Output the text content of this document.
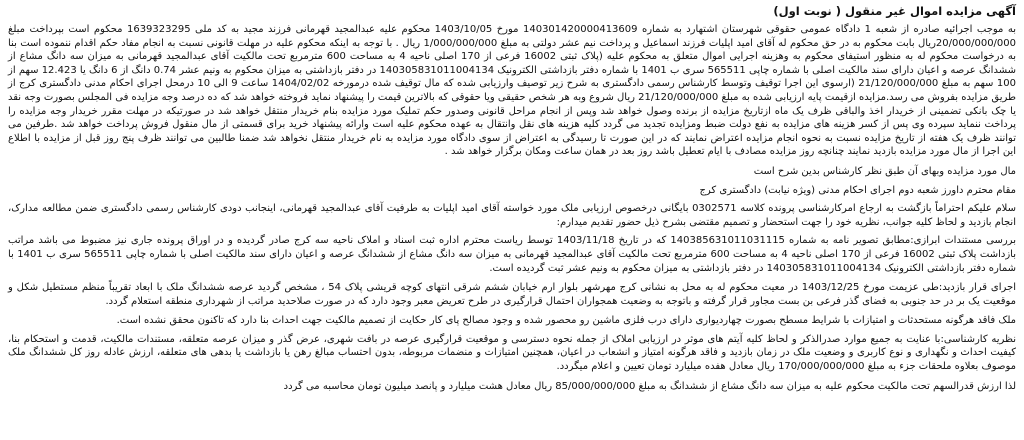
آگهی مزایده اموال غیر منقول ( نوبت اول)

به موجب اجرائیه صادره از شعبه 1 دادگاه عمومی حقوقی شهرستان اشتهارد به شماره 140301420000413609 مورخ 1403/10/05 محکوم علیه عبدالمجید قهرمانی فرزند مجید به کد ملی 1639323295 محکوم است بپرداخت مبلغ 20/000/000/000ریال بابت محکوم به در حق محکوم له آقای امید اپلیات فرزند اسماعیل و پرداخت نیم عشر دولتی به مبلغ 1/000/000/000 ریال . با توجه به اینکه محکوم علیه در مهلت قانونی نسبت به انجام مفاد حکم اقدام ننموده است بنا به درخواست محکوم له به منظور استیفای محکوم به وهزینه اجرایی اموال متعلق به محکوم علیه (پلاک ثبتی 16002 فرعی از 170 اصلی ناحیه 4 به مساحت 600 مترمربع تحت مالکیت آقای عبدالمجید قهرمانی به میزان سه دانگ مشاع از ششدانگ عرصه و اعیان دارای سند مالکیت اصلی با شماره چاپی 565511 سری ب 1401 با شماره دفتر بازداشتی الکترونیک 140305831011004134 در دفتر بازداشتی به میزان محکوم به ونیم عشر 0.74 دانگ از 6 دانگ یا 12.423 سهم از 100 سهم به مبلغ 21/120/000/000 (ارسوی این اجرا توقیف وتوسط کارشناس رسمی دادگستری به شرح زیر توصیف وارزیابی شده که مال توقیف شده درمورخه 1404/02/02 ساعت 9 الی 10 درمحل اجرای احکام مدنی دادگستری کرج از طریق مزایده بفروش می رسد.مزایده ازقیمت پایه ارزیابی شده به مبلغ 21/120/000/000 ریال شروع وبه هر شخص حقیقی ویا حقوقی که بالاترین قیمت را پیشنهاد نماید فروخته خواهد شد که ده درصد وجه مزایده فی المجلس بصورت وجه نقد یا چک بانکی تضمینی از خریدار اخذ والباقی ظرف یک ماه ازتاریخ مزایده از برنده وصول خواهد شد وپس از انجام مراحل قانونی وصدور حکم تملیک مورد مزایده بنام خریدار منتقل خواهد شد در صورتیکه در مهلت مقرر خریدار وجه مزایده را پرداخت ننماید سپرده وی پس از کسر هزینه های مزایده به نفع دولت ضبط ومزایده تجدید می گردد کلیه هزینه های نقل وانتقال به عهده محکوم علیه است وارائه پیشنهاد خرید برای قسمتی از مال منقول فروش پرداخت خواهد شد .طرفین می توانند ظرف یک هفته از تاریخ مزایده نسبت به نحوه انجام مزایده اعتراض نمایند که در این صورت تا رسیدگی به اعتراض از سوی دادگاه مورد مزایده به نام خریدار منتقل نخواهد شد ضمنا طالبین می توانند ظرف پنج روز قبل از مزایده با اطلاع این اجرا از مال مورد مزایده بازدید نمایند چنانچه روز مزایده مصادف با ایام تعطیل باشد روز بعد در همان ساعت ومکان برگزار خواهد شد .

مال مورد مزایده وبهای آن طبق نظر کارشناس بدین شرح است

مقام محترم داورز شعبه دوم اجرای احکام مدنی (ویژه نیابت) دادگستری کرج

سلام علیکم احتراماً بازگشت به ارجاع امرکارشناسی پرونده کلاسه 0302571 بایگانی درخصوص ارزیابی ملک مورد خواسته آقای امید اپلیات به طرفیت آقای عبدالمجید قهرمانی، اینجانب دودی کارشناس رسمی دادگستری ضمن مطالعه مدارک، انجام بازدید و لحاظ کلیه جوانب، نظریه خود را جهت استحضار و تصمیم مقتضی بشرح ذیل حضور تقدیم میدارم:

بررسی مستندات ابرازی:مطابق تصویر نامه به شماره 140385631011031115 که در تاریخ 1403/11/18 توسط ریاست محترم اداره ثبت اسناد و املاک ناحیه سه کرج صادر گردیده و در اوراق پرونده جاری نیز مضبوط می باشد مراتب بازداشت پلاک ثبتی 16002 فرعی از 170 اصلی ناحیه 4 به مساحت 600 مترمربع تحت مالکیت آقای عبدالمجید قهرمانی به میزان سه دانگ مشاع از ششدانگ عرصه و اعیان دارای سند مالکیت اصلی با شماره چاپی 565511 سری ب 1401 با شماره دفتر بازداشتی الکترونیک 140305831011004134 در دفتر بازداشتی به میزان محکوم به ونیم عشر ثبت گردیده است.

اجرای قرار بازدید:طی عزیمت مورخ 1403/12/25 در معیت محکوم له به محل به نشانی کرج مهرشهر بلوار ارم خیابان ششم شرقی انتهای کوچه قریشی پلاک 54 ، مشخص گردید عرصه ششدانگ ملک با ابعاد تقریباً منظم مستطیل شکل و موقعیت یک بر در حد جنوبی به فضای گذر فرعی بن بست مجاور قرار گرفته و باتوجه به وضعیت همجواران احتمال قرارگیری در طرح تعریض معبر وجود دارد که در صورت صلاحدید مراتب از شهرداری منطقه استعلام گردد.

ملک فاقد هرگونه مستحدثات و امتیازات با شرایط مسطح بصورت چهاردیواری دارای درب فلزی ماشین رو محصور شده و وجود مصالح پای کار حکایت از تصمیم مالکیت جهت احداث بنا دارد که تاکنون محقق نشده است.

نظریه کارشناسی:با عنایت به جمیع موارد صدرالذکر و لحاظ کلیه آیتم های موثر در ارزیابی املاک از جمله نحوه دسترسی و موقعیت قرارگیری عرصه در بافت شهری، عرض گذر و میزان عرصه متعلقه، مستندات مالکیت، قدمت و استحکام بنا، کیفیت احداث و نگهداری و نوع کاربری و وضعیت ملک در زمان بازدید و فاقد هرگونه امتیاز و انشعاب در اعیان، همچنین امتیازات و منضمات مربوطه، بدون احتساب مبالغ رهن یا بازداشت یا بدهی های متعلقه، ارزش عادله روز کل ششدانگ ملک موصوف بعلاوه ملحقات جزء به مبلغ 170/000/000/000 ریال معادل هفده میلیارد تومان تعیین و اعلام میگردد.

لذا ارزش قدرالسهم تحت مالکیت محکوم علیه به میزان سه دانگ مشاع از ششدانگ به مبلغ 85/000/000/000 ریال معادل هشت میلیارد و پانصد میلیون تومان محاسبه می گردد
